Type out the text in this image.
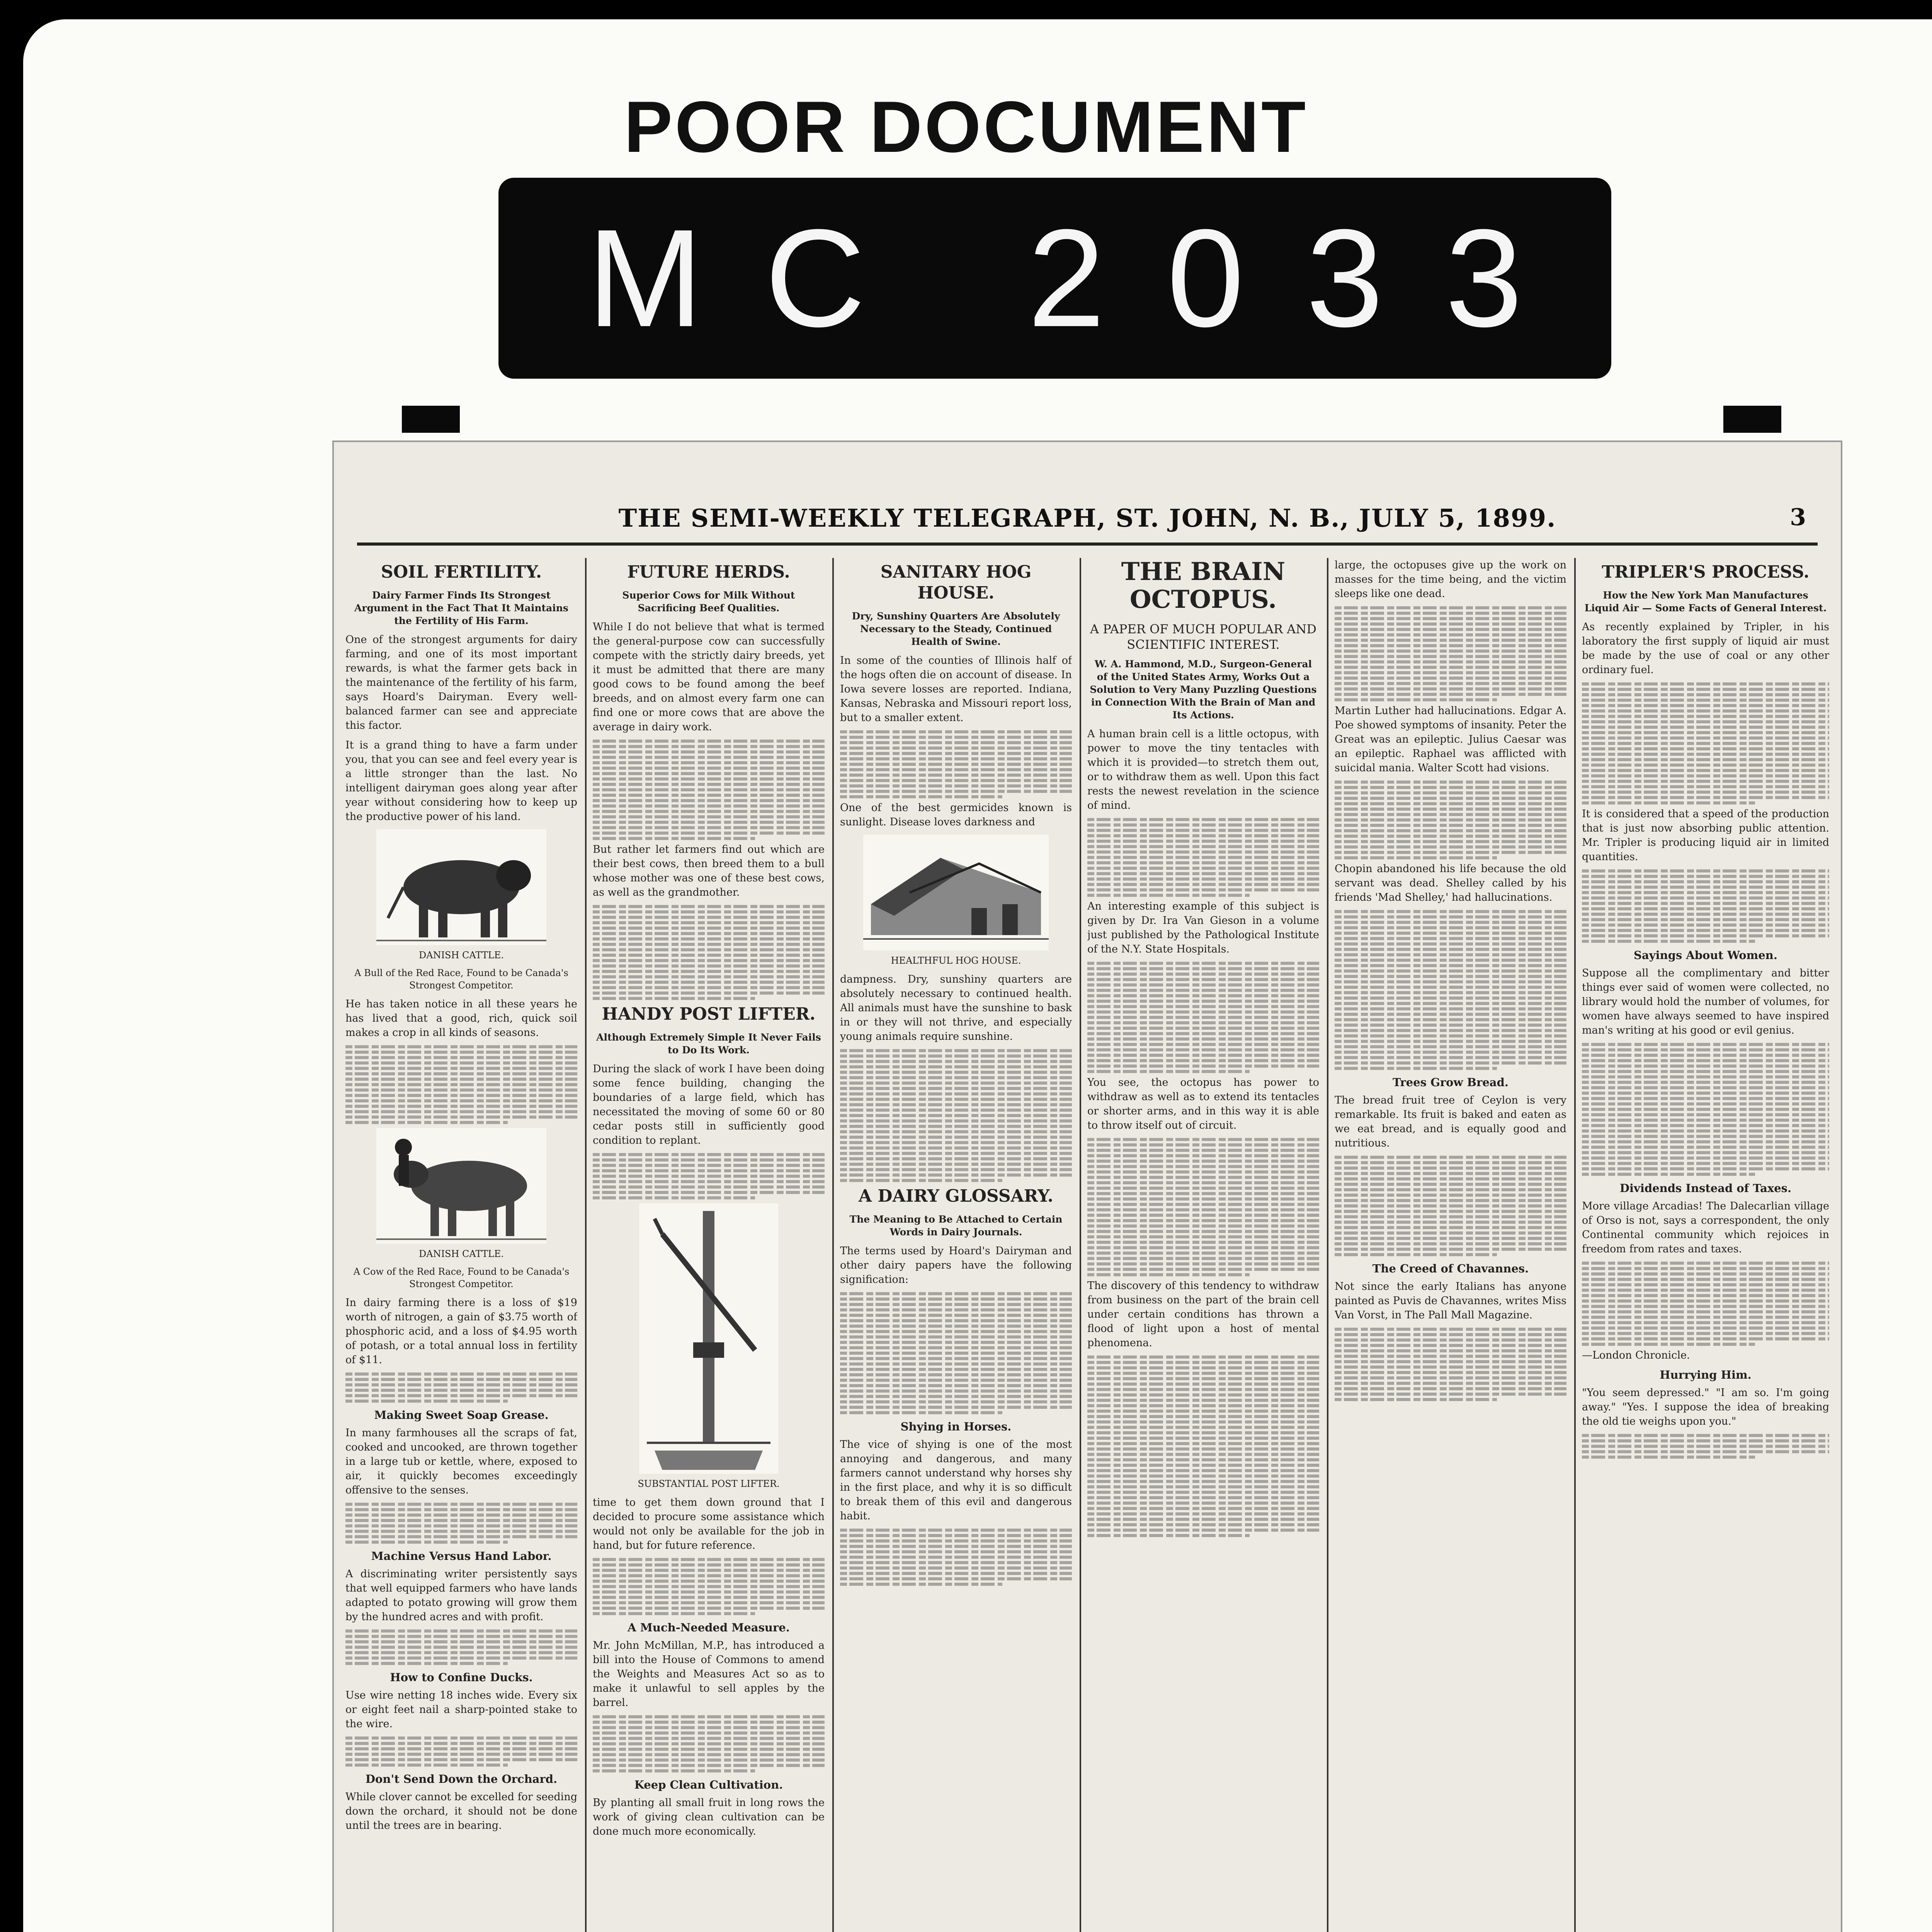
POOR DOCUMENT
MC 2033
THE SEMI-WEEKLY TELEGRAPH, ST. JOHN, N. B., JULY 5, 1899.	3
SOIL FERTILITY.
Dairy Farmer Finds Its Strongest Argument in the Fact That It Maintains the Fertility of His Farm.
One of the strongest arguments for dairy farming, and one of its most important rewards, is what the farmer gets back in the maintenance of the fertility of his farm, says Hoard's Dairyman. Every well-balanced farmer can see and appreciate this factor.
It is a grand thing to have a farm under you, that you can see and feel every year is a little stronger than the last. No intelligent dairyman goes along year after year without considering how to keep up the productive power of his land.
DANISH CATTLE.
A Bull of the Red Race, Found to be Canada's Strongest Competitor.
He has taken notice in all these years he has lived that a good, rich, quick soil makes a crop in all kinds of seasons.
DANISH CATTLE.
A Cow of the Red Race, Found to be Canada's Strongest Competitor.
In dairy farming there is a loss of $19 worth of nitrogen, a gain of $3.75 worth of phosphoric acid, and a loss of $4.95 worth of potash, or a total annual loss in fertility of $11.
Making Sweet Soap Grease.
In many farmhouses all the scraps of fat, cooked and uncooked, are thrown together in a large tub or kettle, where, exposed to air, it quickly becomes exceedingly offensive to the senses.
Machine Versus Hand Labor.
A discriminating writer persistently says that well equipped farmers who have lands adapted to potato growing will grow them by the hundred acres and with profit.
How to Confine Ducks.
Use wire netting 18 inches wide. Every six or eight feet nail a sharp-pointed stake to the wire.
Don't Send Down the Orchard.
While clover cannot be excelled for seeding down the orchard, it should not be done until the trees are in bearing.
FUTURE HERDS.
Superior Cows for Milk Without Sacrificing Beef Qualities.
While I do not believe that what is termed the general-purpose cow can successfully compete with the strictly dairy breeds, yet it must be admitted that there are many good cows to be found among the beef breeds, and on almost every farm one can find one or more cows that are above the average in dairy work.
But rather let farmers find out which are their best cows, then breed them to a bull whose mother was one of these best cows, as well as the grandmother.
HANDY POST LIFTER.
Although Extremely Simple It Never Fails to Do Its Work.
During the slack of work I have been doing some fence building, changing the boundaries of a large field, which has necessitated the moving of some 60 or 80 cedar posts still in sufficiently good condition to replant.
SUBSTANTIAL POST LIFTER.
time to get them down ground that I decided to procure some assistance which would not only be available for the job in hand, but for future reference.
A Much-Needed Measure.
Mr. John McMillan, M.P., has introduced a bill into the House of Commons to amend the Weights and Measures Act so as to make it unlawful to sell apples by the barrel.
Keep Clean Cultivation.
By planting all small fruit in long rows the work of giving clean cultivation can be done much more economically.
SANITARY HOG HOUSE.
Dry, Sunshiny Quarters Are Absolutely Necessary to the Steady, Continued Health of Swine.
In some of the counties of Illinois half of the hogs often die on account of disease. In Iowa severe losses are reported. Indiana, Kansas, Nebraska and Missouri report loss, but to a smaller extent.
One of the best germicides known is sunlight. Disease loves darkness and
HEALTHFUL HOG HOUSE.
dampness. Dry, sunshiny quarters are absolutely necessary to continued health. All animals must have the sunshine to bask in or they will not thrive, and especially young animals require sunshine.
A DAIRY GLOSSARY.
The Meaning to Be Attached to Certain Words in Dairy Journals.
The terms used by Hoard's Dairyman and other dairy papers have the following signification:
Shying in Horses.
The vice of shying is one of the most annoying and dangerous, and many farmers cannot understand why horses shy in the first place, and why it is so difficult to break them of this evil and dangerous habit.
THE BRAIN OCTOPUS.
A PAPER OF MUCH POPULAR AND SCIENTIFIC INTEREST.
W. A. Hammond, M.D., Surgeon-General of the United States Army, Works Out a Solution to Very Many Puzzling Questions in Connection With the Brain of Man and Its Actions.
A human brain cell is a little octopus, with power to move the tiny tentacles with which it is provided—to stretch them out, or to withdraw them as well. Upon this fact rests the newest revelation in the science of mind.
An interesting example of this subject is given by Dr. Ira Van Gieson in a volume just published by the Pathological Institute of the N.Y. State Hospitals.
You see, the octopus has power to withdraw as well as to extend its tentacles or shorter arms, and in this way it is able to throw itself out of circuit.
The discovery of this tendency to withdraw from business on the part of the brain cell under certain conditions has thrown a flood of light upon a host of mental phenomena.
large, the octopuses give up the work on masses for the time being, and the victim sleeps like one dead.
Martin Luther had hallucinations. Edgar A. Poe showed symptoms of insanity. Peter the Great was an epileptic. Julius Caesar was an epileptic. Raphael was afflicted with suicidal mania. Walter Scott had visions.
Chopin abandoned his life because the old servant was dead. Shelley called by his friends 'Mad Shelley,' had hallucinations.
Trees Grow Bread.
The bread fruit tree of Ceylon is very remarkable. Its fruit is baked and eaten as we eat bread, and is equally good and nutritious.
The Creed of Chavannes.
Not since the early Italians has anyone painted as Puvis de Chavannes, writes Miss Van Vorst, in The Pall Mall Magazine.
TRIPLER'S PROCESS.
How the New York Man Manufactures Liquid Air — Some Facts of General Interest.
As recently explained by Tripler, in his laboratory the first supply of liquid air must be made by the use of coal or any other ordinary fuel.
It is considered that a speed of the production that is just now absorbing public attention. Mr. Tripler is producing liquid air in limited quantities.
Sayings About Women.
Suppose all the complimentary and bitter things ever said of women were collected, no library would hold the number of volumes, for women have always seemed to have inspired man's writing at his good or evil genius.
Dividends Instead of Taxes.
More village Arcadias! The Dalecarlian village of Orso is not, says a correspondent, the only Continental community which rejoices in freedom from rates and taxes.
—London Chronicle.
Hurrying Him.
"You seem depressed." "I am so. I'm going away." "Yes. I suppose the idea of breaking the old tie weighs upon you."
